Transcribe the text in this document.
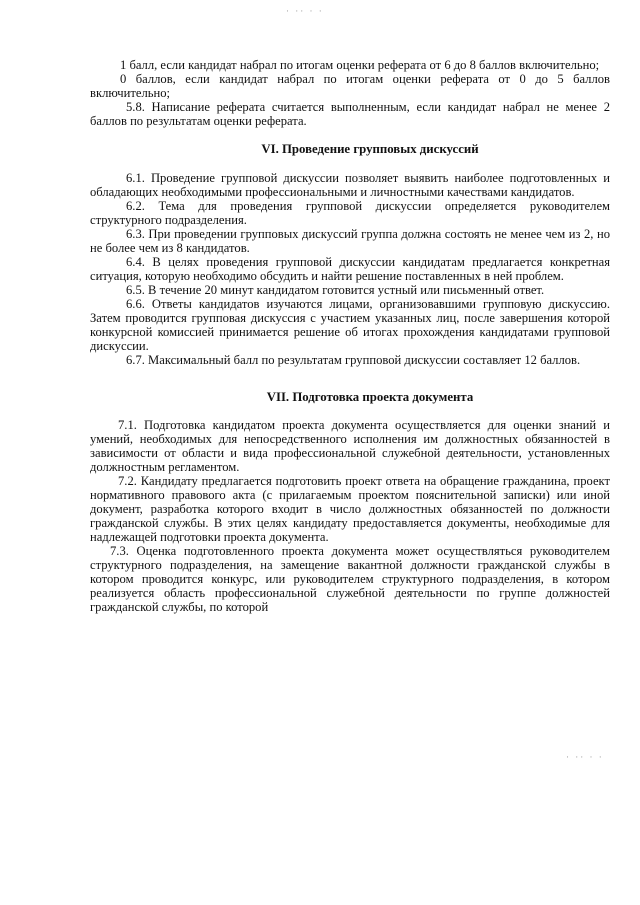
· ·· · ·
· ·· · ·

1 балл, если кандидат набрал по итогам оценки реферата от 6 до 8 баллов включительно;

0 баллов, если кандидат набрал по итогам оценки реферата от 0 до 5 баллов включительно;

5.8. Написание реферата считается выполненным, если кандидат набрал не менее 2 баллов по результатам оценки реферата.

VI. Проведение групповых дискуссий

6.1. Проведение групповой дискуссии позволяет выявить наиболее подготовленных и обладающих необходимыми профессиональными и личностными качествами кандидатов.

6.2. Тема для проведения групповой дискуссии определяется руководителем структурного подразделения.

6.3. При проведении групповых дискуссий группа должна состоять не менее чем из 2, но не более чем из 8 кандидатов.

6.4. В целях проведения групповой дискуссии кандидатам предлагается конкретная ситуация, которую необходимо обсудить и найти решение поставленных в ней проблем.

6.5. В течение 20 минут кандидатом готовится устный или письменный ответ.

6.6. Ответы кандидатов изучаются лицами, организовавшими групповую дискуссию. Затем проводится групповая дискуссия с участием указанных лиц, после завершения которой конкурсной комиссией принимается решение об итогах прохождения кандидатами групповой дискуссии.

6.7. Максимальный балл по результатам групповой дискуссии составляет 12 баллов.

VII. Подготовка проекта документа

7.1. Подготовка кандидатом проекта документа осуществляется для оценки знаний и умений, необходимых для непосредственного исполнения им должностных обязанностей в зависимости от области и вида профессиональной служебной деятельности, установленных должностным регламентом.

7.2. Кандидату предлагается подготовить проект ответа на обращение гражданина, проект нормативного правового акта (с прилагаемым проектом пояснительной записки) или иной документ, разработка которого входит в число должностных обязанностей по должности гражданской службы. В этих целях кандидату предоставляется документы, необходимые для надлежащей подготовки проекта документа.

7.3. Оценка подготовленного проекта документа может осуществляться руководителем структурного подразделения, на замещение вакантной должности гражданской службы в котором проводится конкурс, или руководителем структурного подразделения, в котором реализуется область профессиональной служебной деятельности по группе должностей гражданской службы, по которой
